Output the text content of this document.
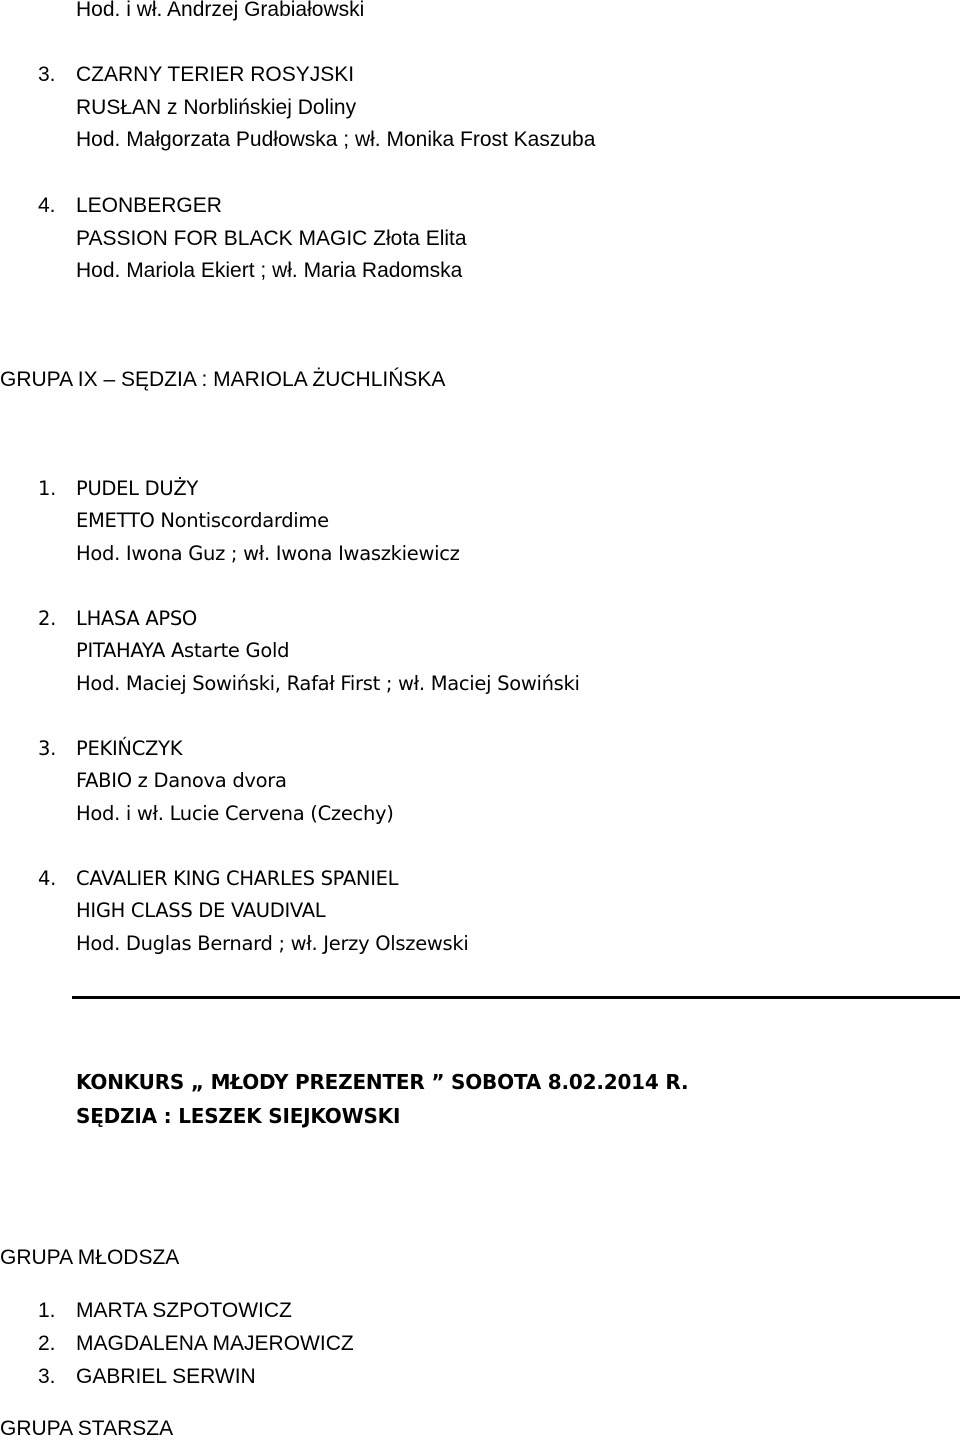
Hod. i wł. Andrzej Grabiałowski
3. CZARNY TERIER ROSYJSKI
RUSŁAN z Norblińskiej Doliny
Hod. Małgorzata Pudłowska ; wł. Monika Frost Kaszuba
4. LEONBERGER
PASSION FOR BLACK MAGIC Złota Elita
Hod. Mariola Ekiert ; wł. Maria Radomska
GRUPA IX – SĘDZIA : MARIOLA ŻUCHLIŃSKA
1. PUDEL DUŻY
EMETTO Nontiscordardime
Hod. Iwona Guz ; wł. Iwona Iwaszkiewicz
2. LHASA APSO
PITAHAYA Astarte Gold
Hod. Maciej Sowiński, Rafał First ; wł. Maciej Sowiński
3. PEKIŃCZYK
FABIO z Danova dvora
Hod. i wł. Lucie Cervena (Czechy)
4. CAVALIER KING CHARLES SPANIEL
HIGH CLASS DE VAUDIVAL
Hod. Duglas Bernard ; wł. Jerzy Olszewski
KONKURS „ MŁODY PREZENTER ” SOBOTA 8.02.2014 R.
SĘDZIA : LESZEK SIEJKOWSKI
GRUPA MŁODSZA
1. MARTA SZPOTOWICZ
2. MAGDALENA MAJEROWICZ
3. GABRIEL SERWIN
GRUPA STARSZA
